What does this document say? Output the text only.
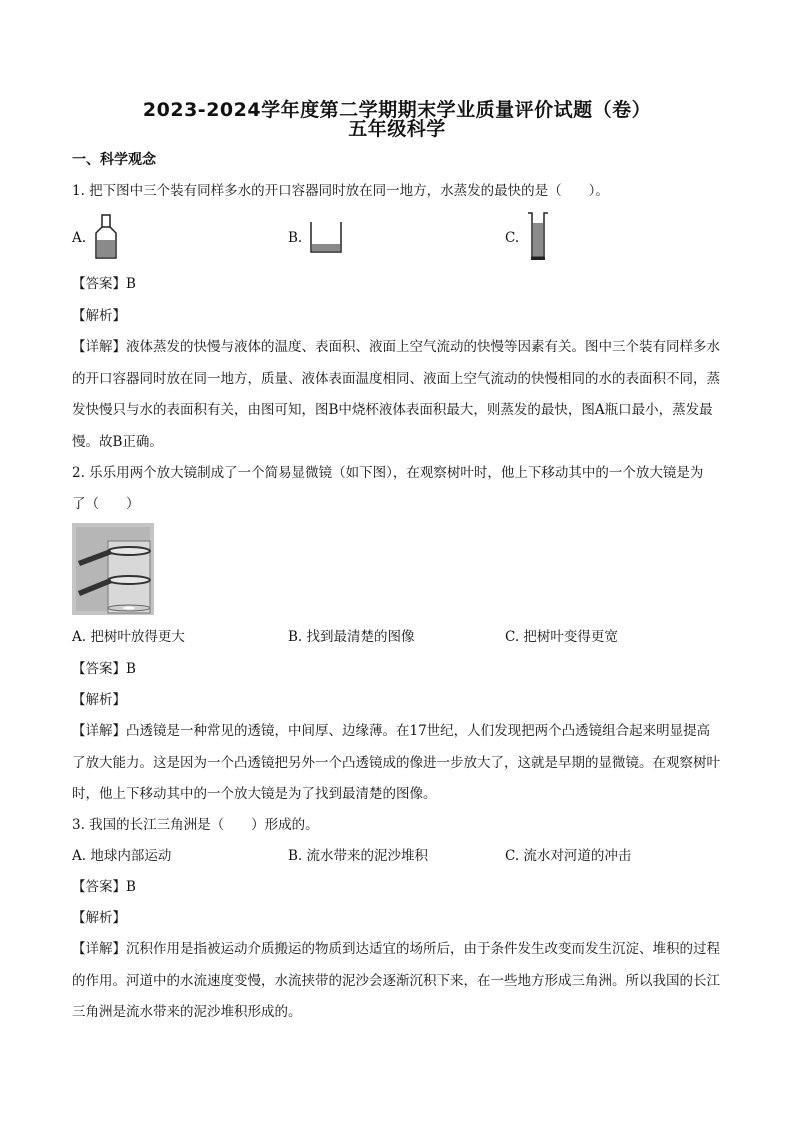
2023-2024学年度第二学期期末学业质量评价试题（卷）
五年级科学
一、科学观念
1. 把下图中三个装有同样多水的开口容器同时放在同一地方，水蒸发的最快的是（　　）。
A.	B.	C.
【答案】B
【解析】
【详解】液体蒸发的快慢与液体的温度、表面积、液面上空气流动的快慢等因素有关。图中三个装有同样多水的开口容器同时放在同一地方，质量、液体表面温度相同、液面上空气流动的快慢相同的水的表面积不同，蒸发快慢只与水的表面积有关，由图可知，图B中烧杯液体表面积最大，则蒸发的最快，图A瓶口最小，蒸发最慢。故B正确。
2. 乐乐用两个放大镜制成了一个简易显微镜（如下图），在观察树叶时，他上下移动其中的一个放大镜是为
了（　　）
A. 把树叶放得更大	B. 找到最清楚的图像	C. 把树叶变得更宽
【答案】B
【解析】
【详解】凸透镜是一种常见的透镜，中间厚、边缘薄。在17世纪，人们发现把两个凸透镜组合起来明显提高了放大能力。这是因为一个凸透镜把另外一个凸透镜成的像进一步放大了，这就是早期的显微镜。在观察树叶时，他上下移动其中的一个放大镜是为了找到最清楚的图像。
3. 我国的长江三角洲是（　　）形成的。
A. 地球内部运动	B. 流水带来的泥沙堆积	C. 流水对河道的冲击
【答案】B
【解析】
【详解】沉积作用是指被运动介质搬运的物质到达适宜的场所后，由于条件发生改变而发生沉淀、堆积的过程的作用。河道中的水流速度变慢，水流挟带的泥沙会逐渐沉积下来，在一些地方形成三角洲。所以我国的长江三角洲是流水带来的泥沙堆积形成的。
